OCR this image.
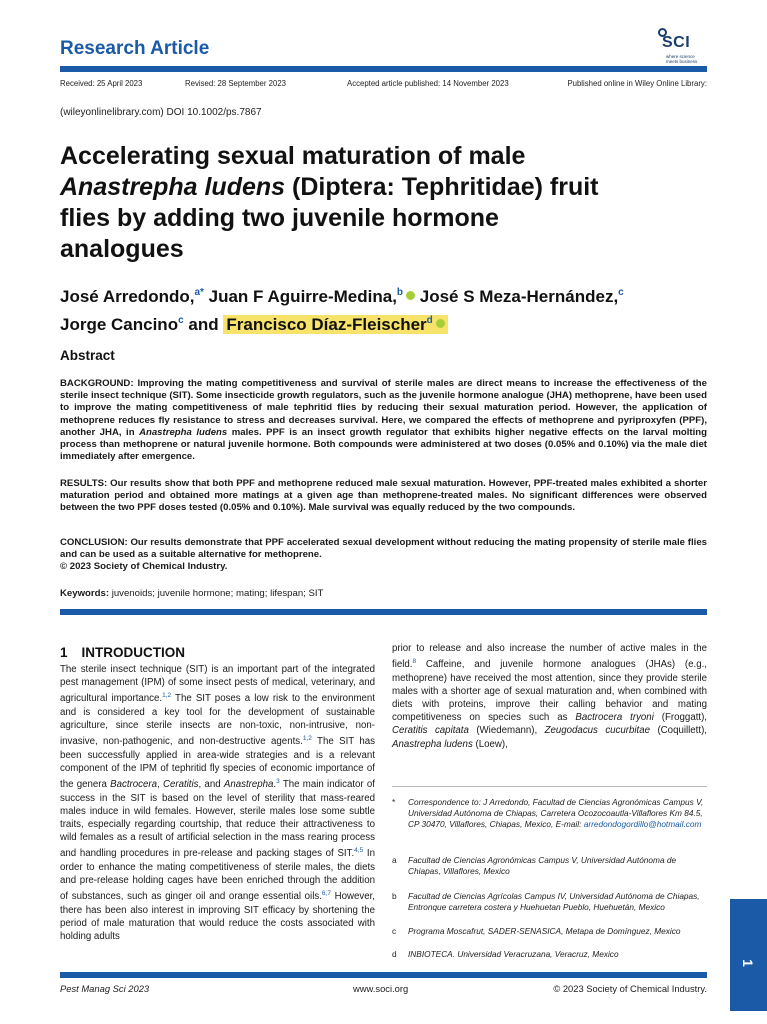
Research Article	SCI
where science meets business
Received: 25 April 2023	Revised: 28 September 2023	Accepted article published: 14 November 2023	Published online in Wiley Online Library:
(wileyonlinelibrary.com) DOI 10.1002/ps.7867
Accelerating sexual maturation of male
Anastrepha ludens (Diptera: Tephritidae) fruit
flies by adding two juvenile hormone
analogues
José Arredondo,$^{a*}$ Juan F Aguirre-Medina,$^b$ José S Meza-Hernández,$^c$
Jorge Cancino$^c$ and Francisco Díaz-Fleischer$^d$
Abstract
BACKGROUND: Improving the mating competitiveness and survival of sterile males are direct means to increase the effectiveness of the sterile insect technique (SIT). Some insecticide growth regulators, such as the juvenile hormone analogue (JHA) methoprene, have been used to improve the mating competitiveness of male tephritid flies by reducing their sexual maturation period. However, the application of methoprene reduces fly resistance to stress and decreases survival. Here, we compared the effects of methoprene and pyriproxyfen (PPF), another JHA, in Anastrepha ludens males. PPF is an insect growth regulator that exhibits higher negative effects on the larval molting process than methoprene or natural juvenile hormone. Both compounds were administered at two doses (0.05% and 0.10%) via the male diet immediately after emergence.
RESULTS: Our results show that both PPF and methoprene reduced male sexual maturation. However, PPF-treated males exhibited a shorter maturation period and obtained more matings at a given age than methoprene-treated males. No significant differences were observed between the two PPF doses tested (0.05% and 0.10%). Male survival was equally reduced by the two compounds.
CONCLUSION: Our results demonstrate that PPF accelerated sexual development without reducing the mating propensity of sterile male flies and can be used as a suitable alternative for methoprene.
© 2023 Society of Chemical Industry.
Keywords: juvenoids; juvenile hormone; mating; lifespan; SIT
1 INTRODUCTION
The sterile insect technique (SIT) is an important part of the integrated pest management (IPM) of some insect pests of medical, veterinary, and agricultural importance.$^{1,2}$ The SIT poses a low risk to the environment and is considered a key tool for the development of sustainable agriculture, since sterile insects are non-toxic, non-intrusive, non-invasive, non-pathogenic, and non-destructive agents.$^{1,2}$ The SIT has been successfully applied in area-wide strategies and is a relevant component of the IPM of tephritid fly species of economic importance of the genera Bactrocera, Ceratitis, and Anastrepha.$^3$ The main indicator of success in the SIT is based on the level of sterility that mass-reared males induce in wild females. However, sterile males lose some subtle traits, especially regarding courtship, that reduce their attractiveness to wild females as a result of artificial selection in the mass rearing process and handling procedures in pre-release and packing stages of SIT.$^{4,5}$ In order to enhance the mating competitiveness of sterile males, the diets and pre-release holding cages have been enriched through the addition of substances, such as ginger oil and orange essential oils.$^{6,7}$ However, there has been also interest in improving SIT efficacy by shortening the period of male maturation that would reduce the costs associated with holding adults
prior to release and also increase the number of active males in the field.$^8$ Caffeine, and juvenile hormone analogues (JHAs) (e.g., methoprene) have received the most attention, since they provide sterile males with a shorter age of sexual maturation and, when combined with diets with proteins, improve their calling behavior and mating competitiveness on species such as Bactrocera tryoni (Froggatt), Ceratitis capitata (Wiedemann), Zeugodacus cucurbitae (Coquillett), Anastrepha ludens (Loew),
* Correspondence to: J Arredondo, Facultad de Ciencias Agronómicas Campus V, Universidad Autónoma de Chiapas, Carretera Ocozocoautla-Villaflores Km 84.5, CP 30470, Villaflores, Chiapas, Mexico, E-mail: arredondogordillo@hotmail.com
a Facultad de Ciencias Agronómicas Campus V, Universidad Autónoma de Chiapas, Villaflores, Mexico
b Facultad de Ciencias Agrícolas Campus IV, Universidad Autónoma de Chiapas, Entronque carretera costera y Huehuetan Pueblo, Huehuetán, Mexico
c Programa Moscafrut, SADER-SENASICA, Metapa de Domínguez, Mexico
d INBIOTECA. Universidad Veracruzana, Veracruz, Mexico
Pest Manag Sci 2023	www.soci.org	© 2023 Society of Chemical Industry.
1
